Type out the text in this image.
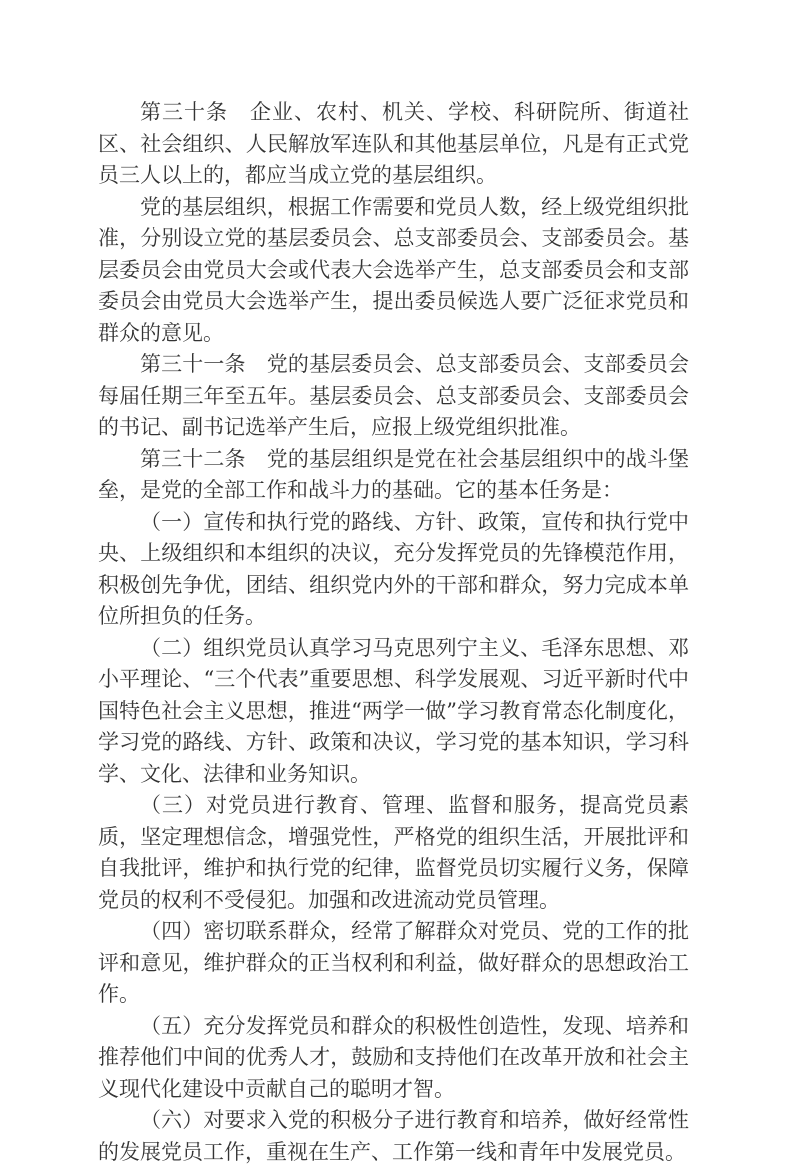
第三十条　企业、农村、机关、学校、科研院所、街道社区、社会组织、人民解放军连队和其他基层单位，凡是有正式党员三人以上的，都应当成立党的基层组织。

党的基层组织，根据工作需要和党员人数，经上级党组织批准，分别设立党的基层委员会、总支部委员会、支部委员会。基层委员会由党员大会或代表大会选举产生，总支部委员会和支部委员会由党员大会选举产生，提出委员候选人要广泛征求党员和群众的意见。

第三十一条　党的基层委员会、总支部委员会、支部委员会每届任期三年至五年。基层委员会、总支部委员会、支部委员会的书记、副书记选举产生后，应报上级党组织批准。

第三十二条　党的基层组织是党在社会基层组织中的战斗堡垒，是党的全部工作和战斗力的基础。它的基本任务是：

（一）宣传和执行党的路线、方针、政策，宣传和执行党中央、上级组织和本组织的决议，充分发挥党员的先锋模范作用，积极创先争优，团结、组织党内外的干部和群众，努力完成本单位所担负的任务。

（二）组织党员认真学习马克思列宁主义、毛泽东思想、邓小平理论、“三个代表”重要思想、科学发展观、习近平新时代中国特色社会主义思想，推进“两学一做”学习教育常态化制度化，学习党的路线、方针、政策和决议，学习党的基本知识，学习科学、文化、法律和业务知识。

（三）对党员进行教育、管理、监督和服务，提高党员素质，坚定理想信念，增强党性，严格党的组织生活，开展批评和自我批评，维护和执行党的纪律，监督党员切实履行义务，保障党员的权利不受侵犯。加强和改进流动党员管理。

（四）密切联系群众，经常了解群众对党员、党的工作的批评和意见，维护群众的正当权利和利益，做好群众的思想政治工作。

（五）充分发挥党员和群众的积极性创造性，发现、培养和推荐他们中间的优秀人才，鼓励和支持他们在改革开放和社会主义现代化建设中贡献自己的聪明才智。

（六）对要求入党的积极分子进行教育和培养，做好经常性的发展党员工作，重视在生产、工作第一线和青年中发展党员。
